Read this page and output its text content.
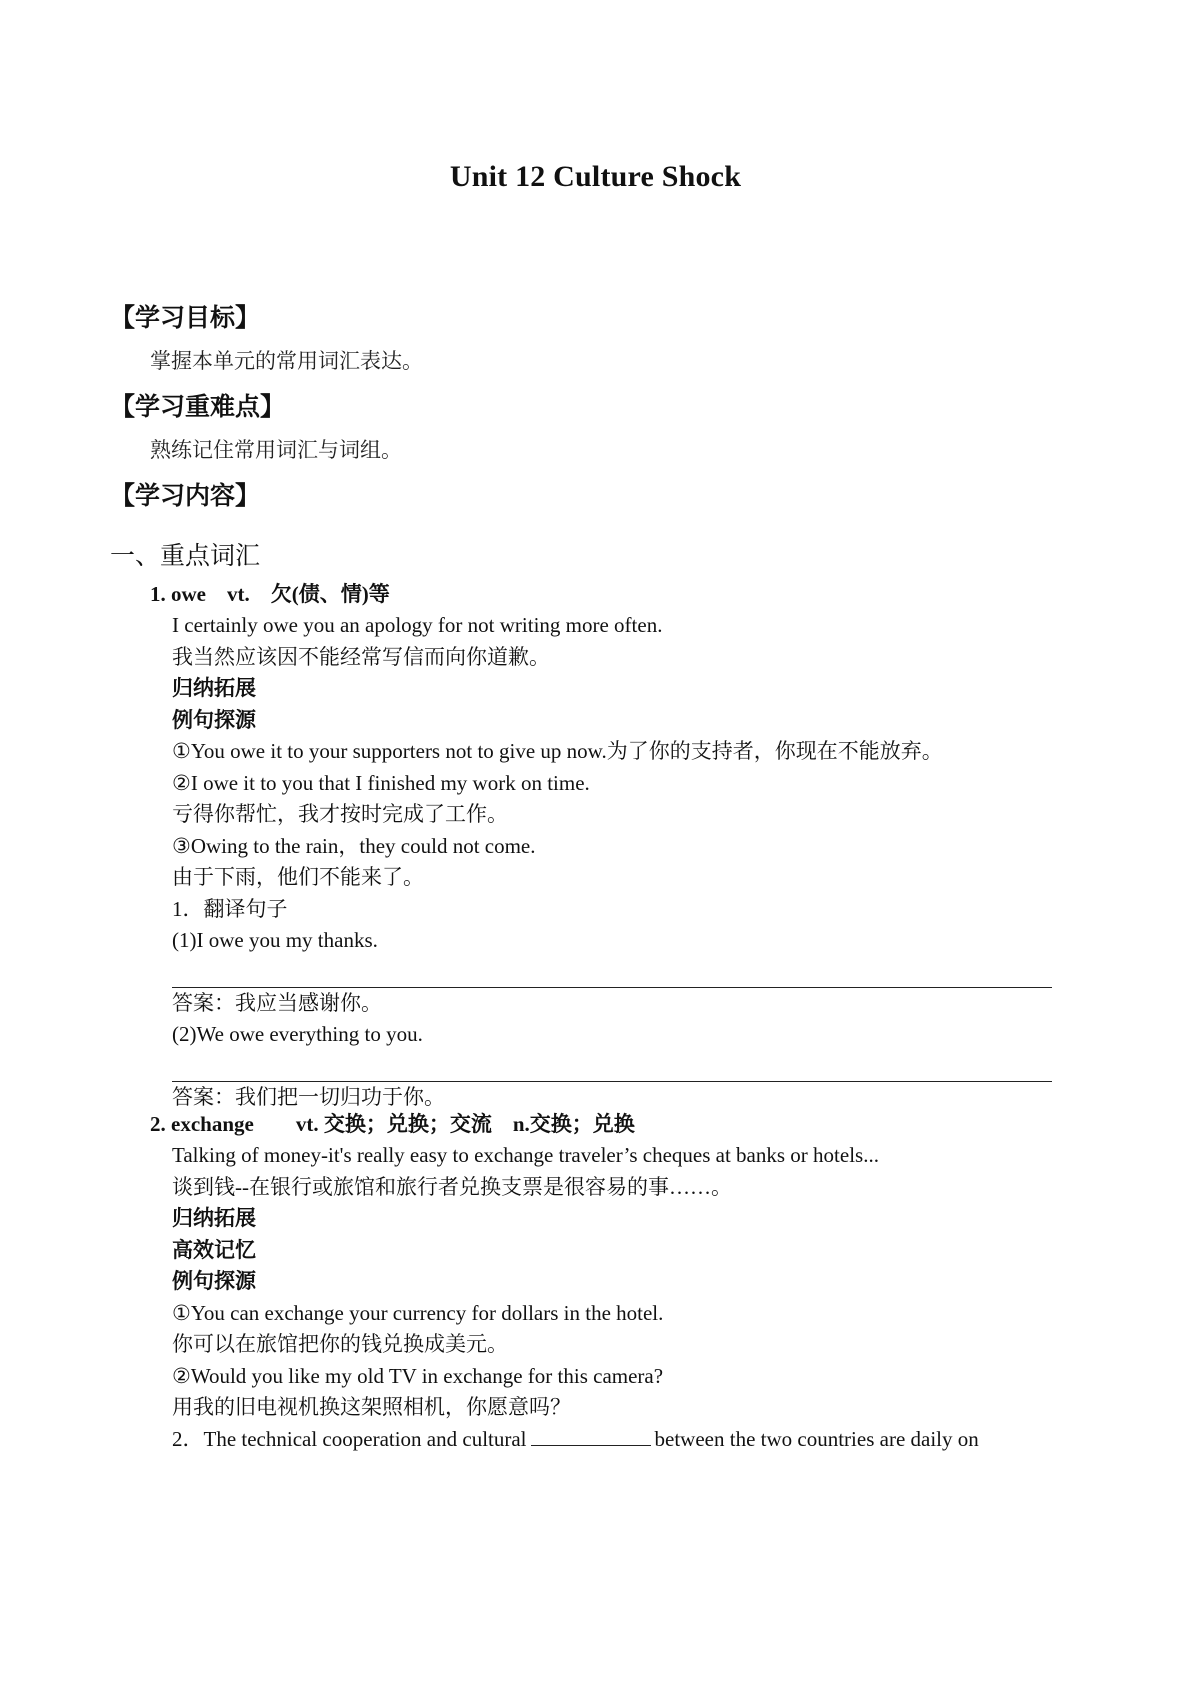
Unit 12 Culture Shock
【学习目标】
掌握本单元的常用词汇表达。
【学习重难点】
熟练记住常用词汇与词组。
【学习内容】
一、重点词汇
1. owe　vt.　欠(债、情)等
I certainly owe you an apology for not writing more often.
我当然应该因不能经常写信而向你道歉。
归纳拓展
例句探源
①You owe it to your supporters not to give up now.为了你的支持者，你现在不能放弃。
②I owe it to you that I finished my work on time.
亏得你帮忙，我才按时完成了工作。
③Owing to the rain，they could not come.
由于下雨，他们不能来了。
1．翻译句子
(1)I owe you my thanks.
答案：我应当感谢你。
(2)We owe everything to you.
答案：我们把一切归功于你。
2. exchange　　vt. 交换；兑换；交流　n.交换；兑换
Talking of money-it's really easy to exchange traveler’s cheques at banks or hotels...
谈到钱--在银行或旅馆和旅行者兑换支票是很容易的事……。
归纳拓展
高效记忆
例句探源
①You can exchange your currency for dollars in the hotel.
你可以在旅馆把你的钱兑换成美元。
②Would you like my old TV in exchange for this camera?
用我的旧电视机换这架照相机，你愿意吗？
2．The technical cooperation and cultural	between the two countries are daily on
